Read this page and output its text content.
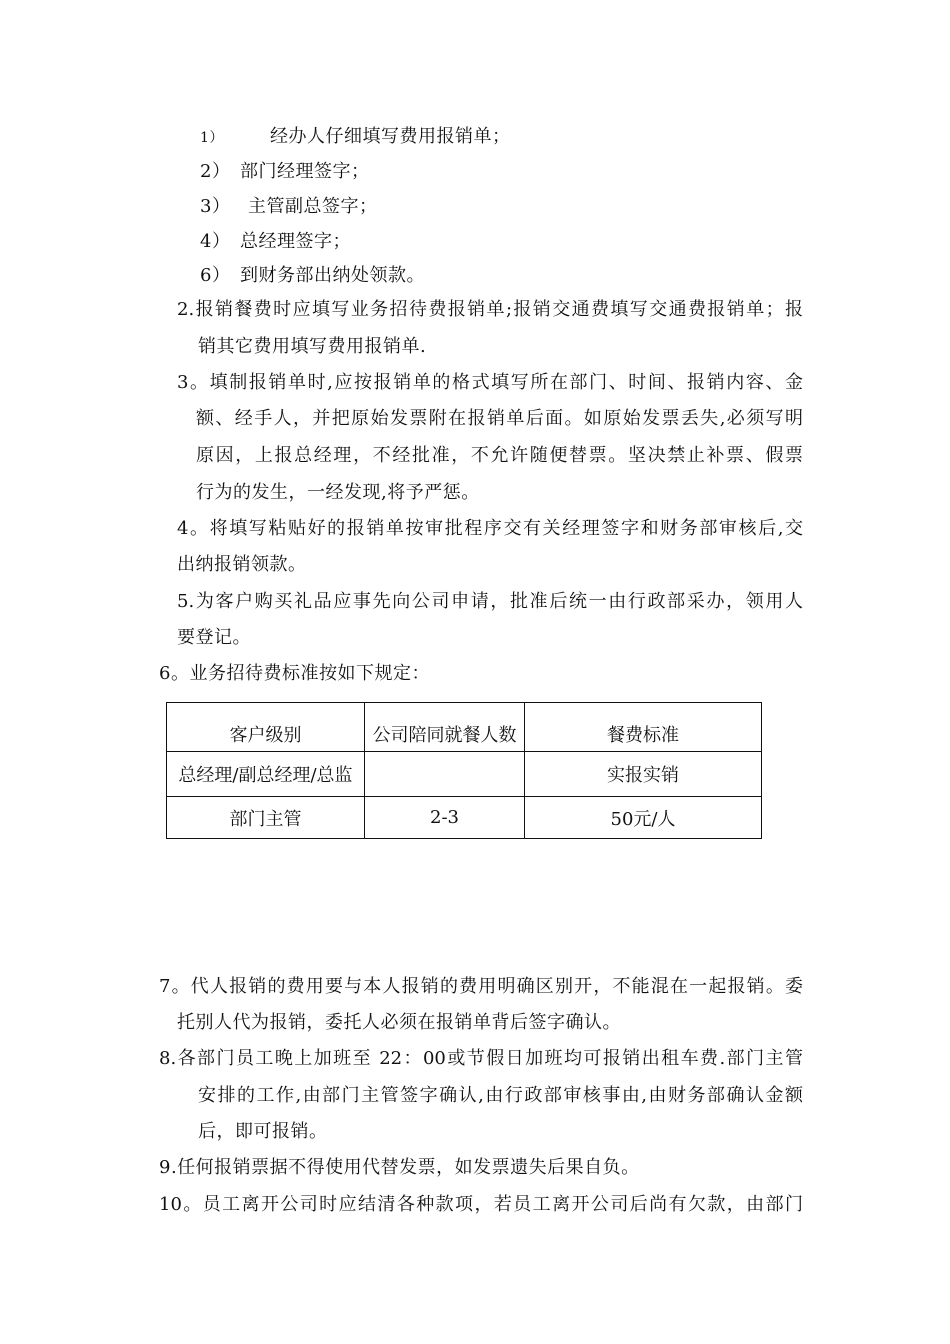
1）	经办人仔细填写费用报销单；
2） 部门经理签字；
3） 主管副总签字；
4） 总经理签字；
6） 到财务部出纳处领款。
2.报销餐费时应填写业务招待费报销单;报销交通费填写交通费报销单；报
销其它费用填写费用报销单.
3。填制报销单时,应按报销单的格式填写所在部门、时间、报销内容、金
额、经手人，并把原始发票附在报销单后面。如原始发票丢失,必须写明
原因，上报总经理，不经批准，不允许随便替票。坚决禁止补票、假票
行为的发生，一经发现,将予严惩。
4。将填写粘贴好的报销单按审批程序交有关经理签字和财务部审核后,交
出纳报销领款。
5.为客户购买礼品应事先向公司申请，批准后统一由行政部采办，领用人
要登记。
6。业务招待费标准按如下规定：
客户级别	公司陪同就餐人数	餐费标准
总经理/副总经理/总监		实报实销
部门主管	2-3	50元/人
7。代人报销的费用要与本人报销的费用明确区别开，不能混在一起报销。委
托别人代为报销，委托人必须在报销单背后签字确认。
8.各部门员工晚上加班至 22：00或节假日加班均可报销出租车费.部门主管
安排的工作,由部门主管签字确认,由行政部审核事由,由财务部确认金额
后，即可报销。
9.任何报销票据不得使用代替发票，如发票遗失后果自负。
10。员工离开公司时应结清各种款项，若员工离开公司后尚有欠款，由部门
